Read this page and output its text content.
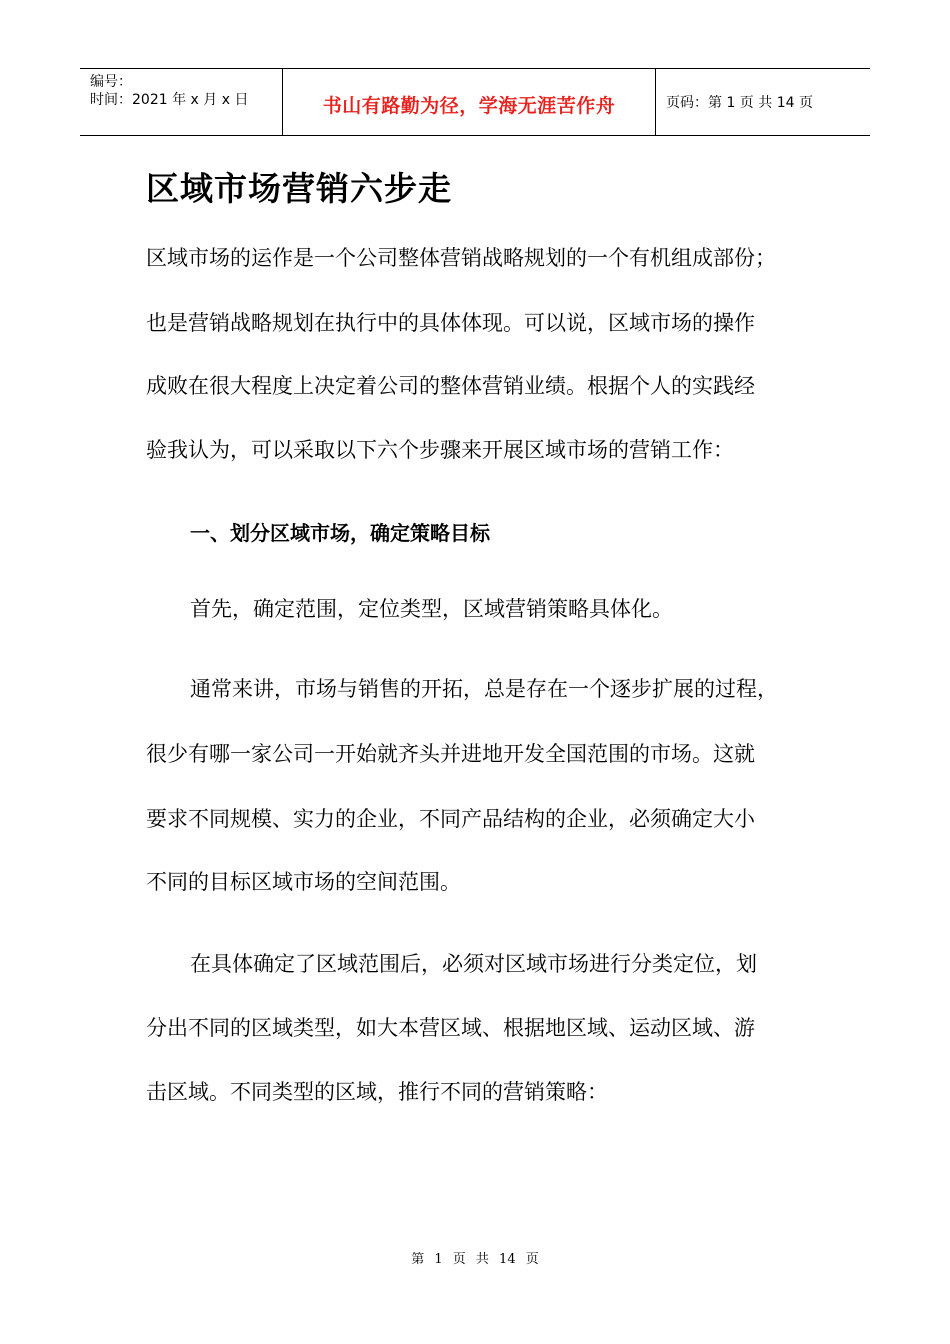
编号：
时间：2021 年 x 月 x 日	书山有路勤为径，学海无涯苦作舟	页码：第 1 页 共 14 页
区域市场营销六步走

区域市场的运作是一个公司整体营销战略规划的一个有机组成部份；

也是营销战略规划在执行中的具体体现。可以说，区域市场的操作

成败在很大程度上决定着公司的整体营销业绩。根据个人的实践经

验我认为，可以采取以下六个步骤来开展区域市场的营销工作：

一、划分区域市场，确定策略目标

首先，确定范围，定位类型，区域营销策略具体化。

通常来讲，市场与销售的开拓，总是存在一个逐步扩展的过程，

很少有哪一家公司一开始就齐头并进地开发全国范围的市场。这就

要求不同规模、实力的企业，不同产品结构的企业，必须确定大小

不同的目标区域市场的空间范围。

在具体确定了区域范围后，必须对区域市场进行分类定位，划

分出不同的区域类型，如大本营区域、根据地区域、运动区域、游

击区域。不同类型的区域，推行不同的营销策略：

第 1 页 共 14 页
